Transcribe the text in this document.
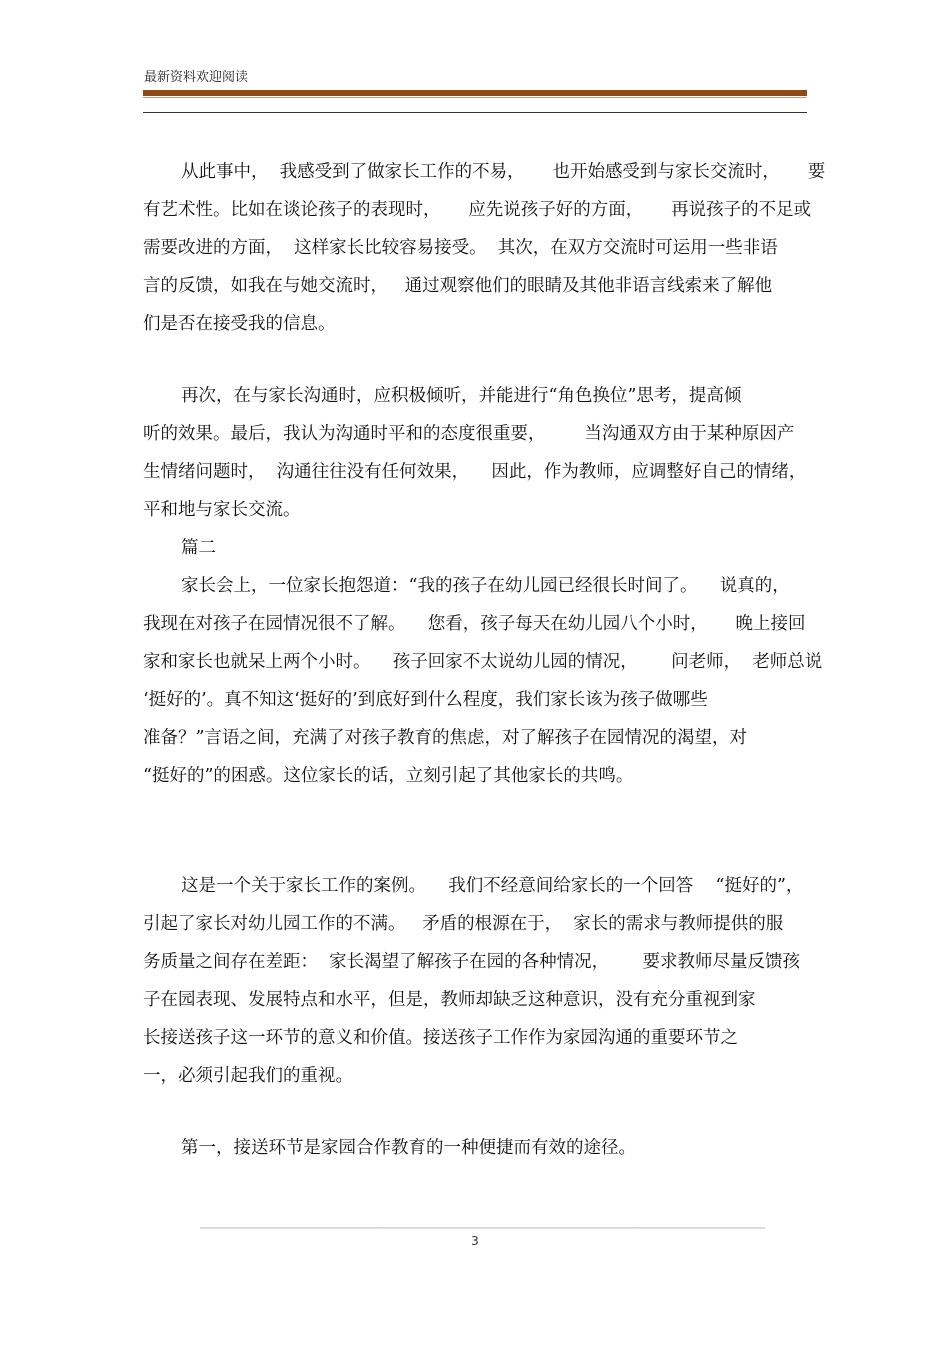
最新资料欢迎阅读
从此事中，  我感受到了做家长工作的不易，     也开始感受到与家长交流时，     要
有艺术性。比如在谈论孩子的表现时，     应先说孩子好的方面，     再说孩子的不足或
需要改进的方面，  这样家长比较容易接受。  其次，在双方交流时可运用一些非语
言的反馈，如我在与她交流时，   通过观察他们的眼睛及其他非语言线索来了解他
们是否在接受我的信息。
再次，在与家长沟通时，应积极倾听，并能进行“角色换位”思考，提高倾
听的效果。最后，我认为沟通时平和的态度很重要，       当沟通双方由于某种原因产
生情绪问题时，  沟通往往没有任何效果，    因此，作为教师，应调整好自己的情绪，
平和地与家长交流。
篇二
家长会上，一位家长抱怨道：“我的孩子在幼儿园已经很长时间了。    说真的，
我现在对孩子在园情况很不了解。    您看，孩子每天在幼儿园八个小时，     晚上接回
家和家长也就呆上两个小时。    孩子回家不太说幼儿园的情况，      问老师，  老师总说
‘挺好的’。真不知这‘挺好的’到底好到什么程度，我们家长该为孩子做哪些
准备？”言语之间，充满了对孩子教育的焦虑，对了解孩子在园情况的渴望，对
“挺好的”的困惑。这位家长的话，立刻引起了其他家长的共鸣。
这是一个关于家长工作的案例。    我们不经意间给家长的一个回答    “挺好的”，
引起了家长对幼儿园工作的不满。   矛盾的根源在于，  家长的需求与教师提供的服
务质量之间存在差距：  家长渴望了解孩子在园的各种情况，      要求教师尽量反馈孩
子在园表现、发展特点和水平，但是，教师却缺乏这种意识，没有充分重视到家
长接送孩子这一环节的意义和价值。接送孩子工作作为家园沟通的重要环节之
一，必须引起我们的重视。
第一，接送环节是家园合作教育的一种便捷而有效的途径。
3
